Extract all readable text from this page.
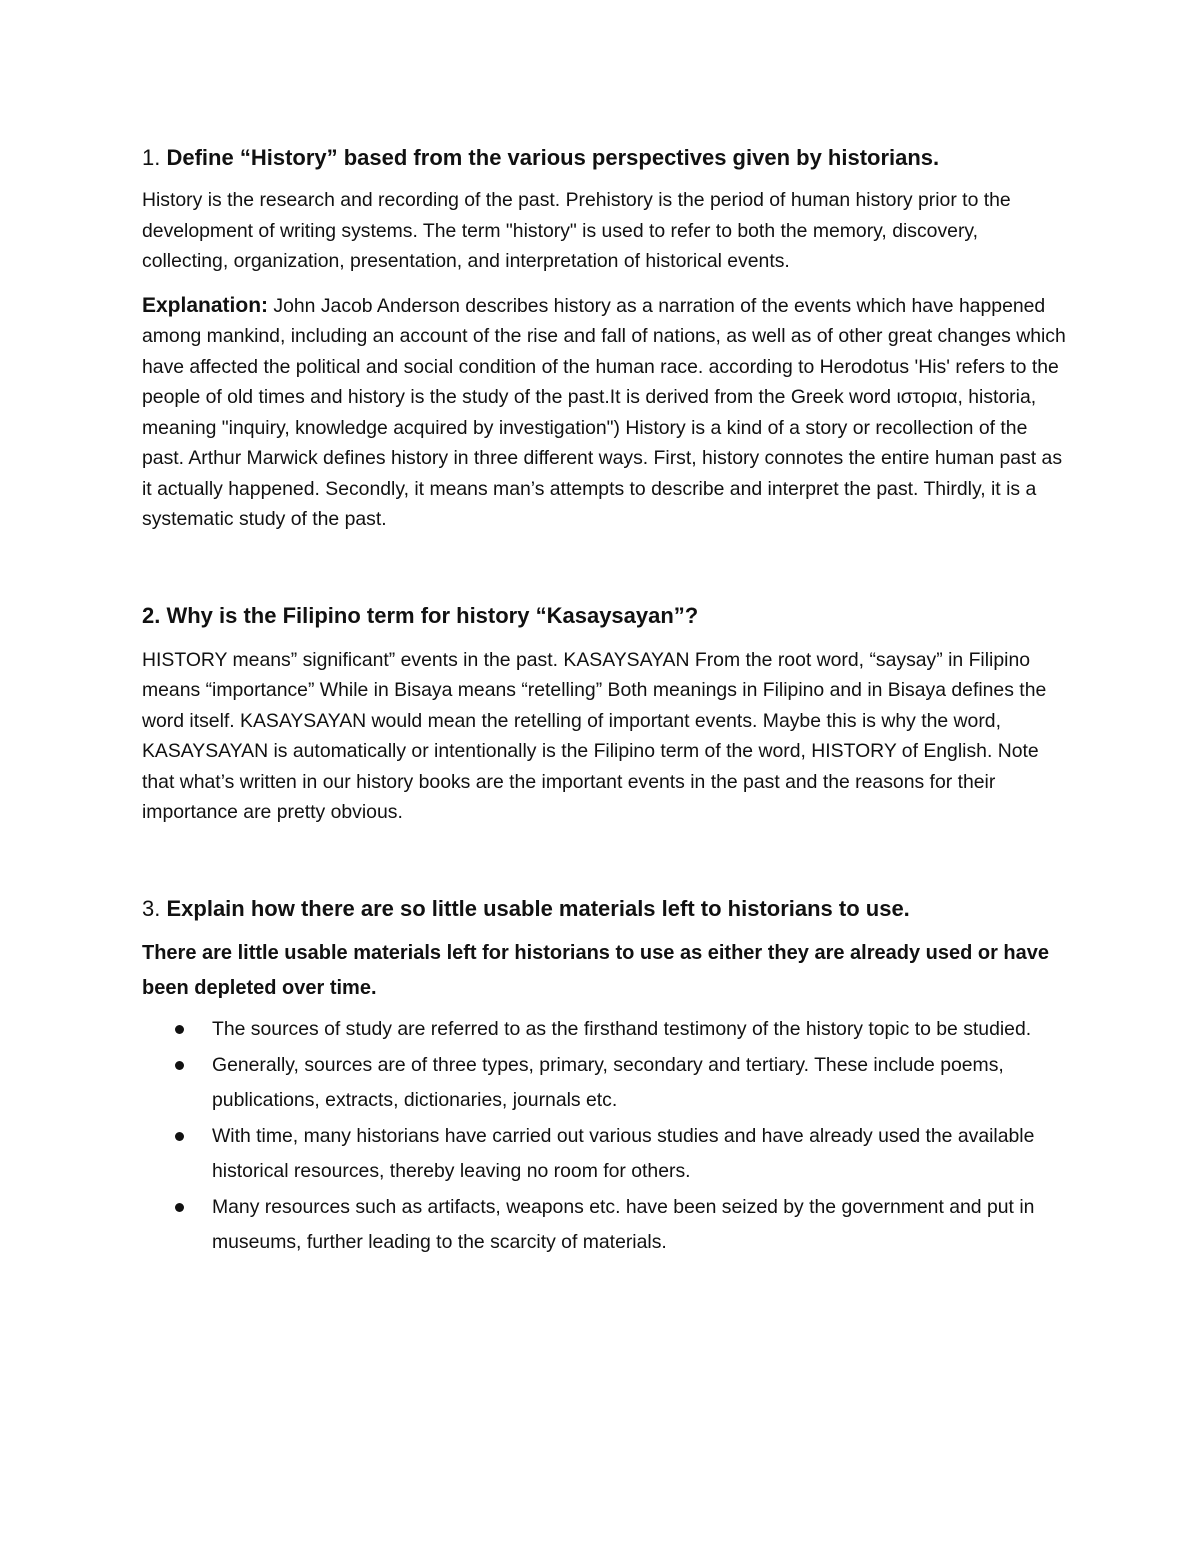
1. Define “History” based from the various perspectives given by historians.

History is the research and recording of the past. Prehistory is the period of human history prior to the development of writing systems. The term "history" is used to refer to both the memory, discovery, collecting, organization, presentation, and interpretation of historical events.

Explanation: John Jacob Anderson describes history as a narration of the events which have happened among mankind, including an account of the rise and fall of nations, as well as of other great changes which have affected the political and social condition of the human race. according to Herodotus 'His' refers to the people of old times and history is the study of the past.It is derived from the Greek word ιστορια, historia, meaning "inquiry, knowledge acquired by investigation") History is a kind of a story or recollection of the past. Arthur Marwick defines history in three different ways. First, history connotes the entire human past as it actually happened. Secondly, it means man’s attempts to describe and interpret the past. Thirdly, it is a systematic study of the past.

2. Why is the Filipino term for history “Kasaysayan”?

HISTORY means” significant” events in the past. KASAYSAYAN From the root word, “saysay” in Filipino means “importance” While in Bisaya means “retelling” Both meanings in Filipino and in Bisaya defines the word itself. KASAYSAYAN would mean the retelling of important events. Maybe this is why the word, KASAYSAYAN is automatically or intentionally is the Filipino term of the word, HISTORY of English. Note that what’s written in our history books are the important events in the past and the reasons for their importance are pretty obvious.

3. Explain how there are so little usable materials left to historians to use.

There are little usable materials left for historians to use as either they are already used or have been depleted over time.

The sources of study are referred to as the firsthand testimony of the history topic to be studied.
Generally, sources are of three types, primary, secondary and tertiary. These include poems, publications, extracts, dictionaries, journals etc.
With time, many historians have carried out various studies and have already used the available historical resources, thereby leaving no room for others.
Many resources such as artifacts, weapons etc. have been seized by the government and put in museums, further leading to the scarcity of materials.
